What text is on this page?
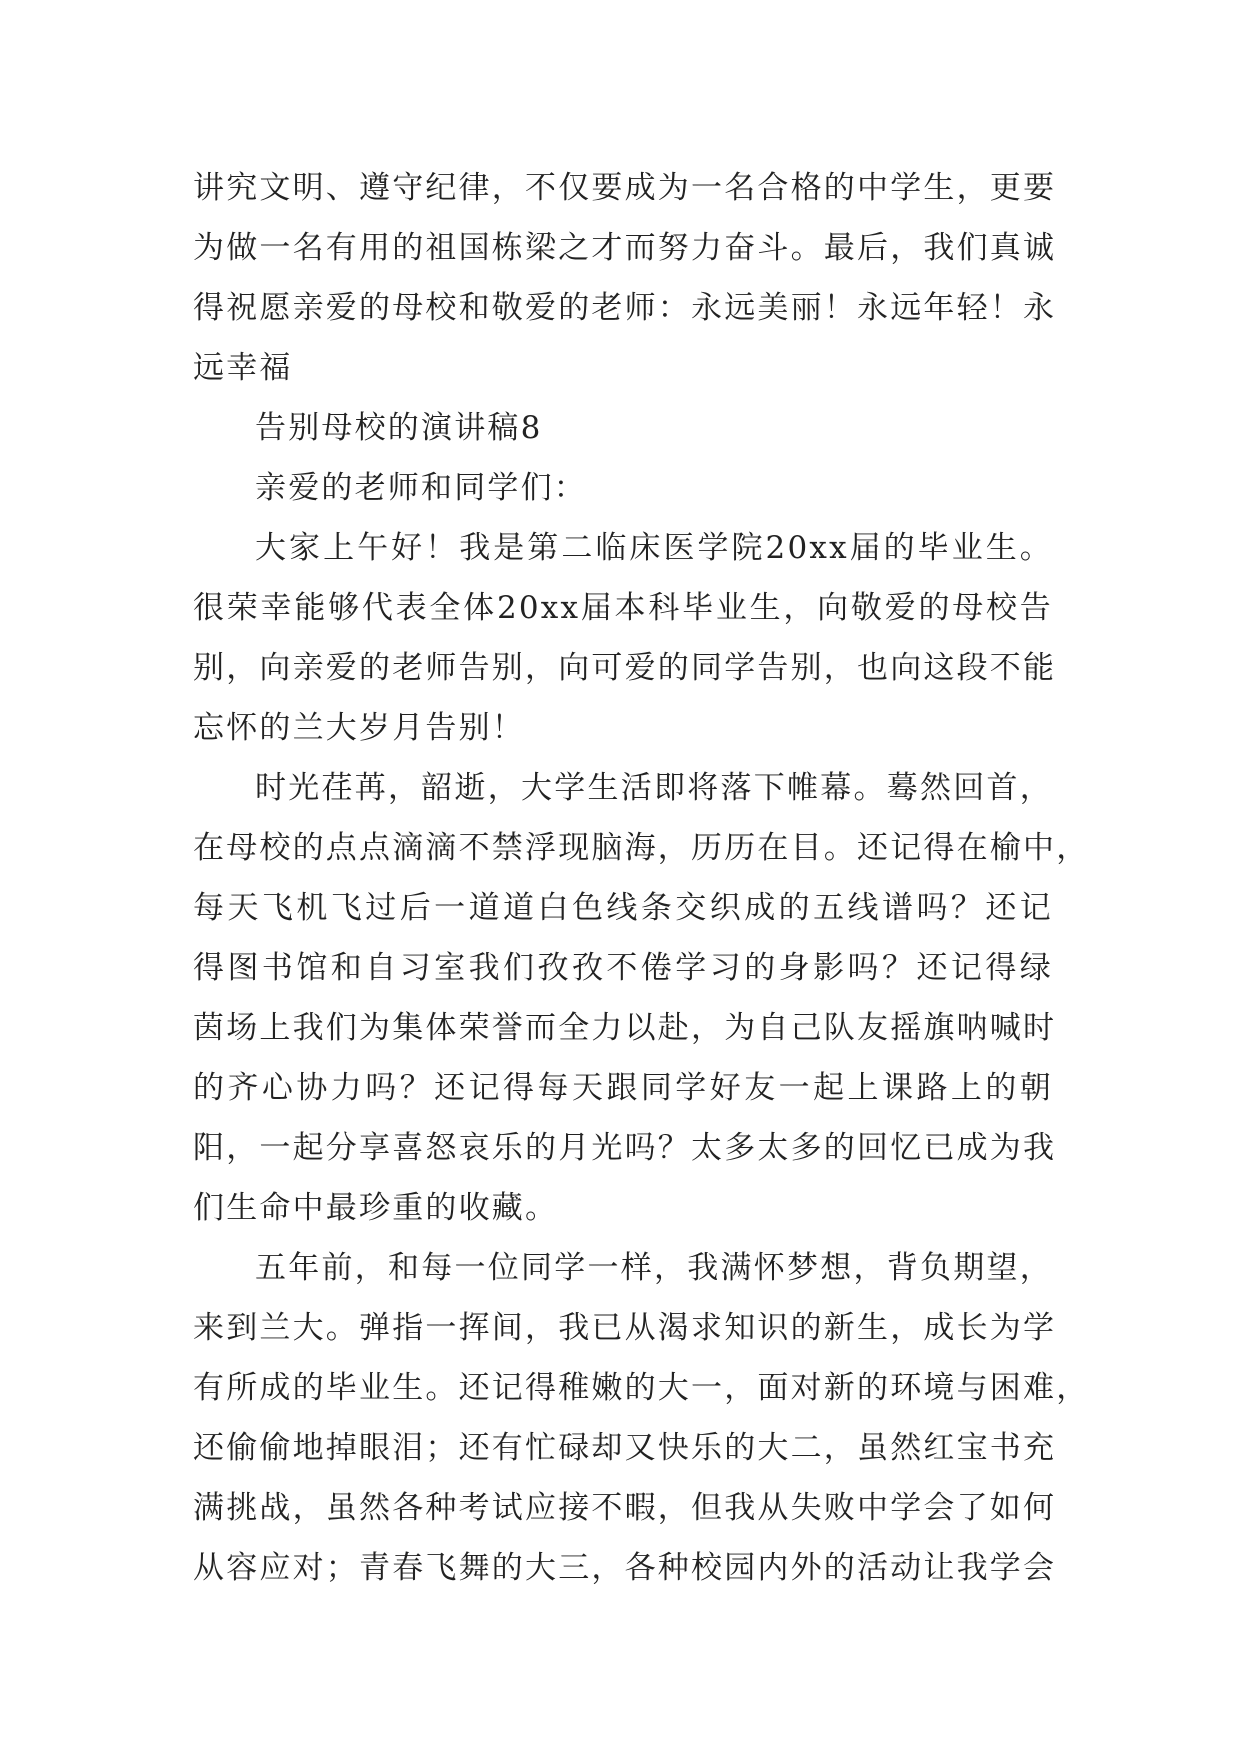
讲究文明、遵守纪律，不仅要成为一名合格的中学生，更要
为做一名有用的祖国栋梁之才而努力奋斗。最后，我们真诚
得祝愿亲爱的母校和敬爱的老师：永远美丽！永远年轻！永
远幸福
告别母校的演讲稿8
亲爱的老师和同学们：
大家上午好！我是第二临床医学院20xx届的毕业生。
很荣幸能够代表全体20xx届本科毕业生，向敬爱的母校告
别，向亲爱的老师告别，向可爱的同学告别，也向这段不能
忘怀的兰大岁月告别！
时光荏苒，韶逝，大学生活即将落下帷幕。蓦然回首，
在母校的点点滴滴不禁浮现脑海，历历在目。还记得在榆中，
每天飞机飞过后一道道白色线条交织成的五线谱吗？还记
得图书馆和自习室我们孜孜不倦学习的身影吗？还记得绿
茵场上我们为集体荣誉而全力以赴，为自己队友摇旗呐喊时
的齐心协力吗？还记得每天跟同学好友一起上课路上的朝
阳，一起分享喜怒哀乐的月光吗？太多太多的回忆已成为我
们生命中最珍重的收藏。
五年前，和每一位同学一样，我满怀梦想，背负期望，
来到兰大。弹指一挥间，我已从渴求知识的新生，成长为学
有所成的毕业生。还记得稚嫩的大一，面对新的环境与困难，
还偷偷地掉眼泪；还有忙碌却又快乐的大二，虽然红宝书充
满挑战，虽然各种考试应接不暇，但我从失败中学会了如何
从容应对；青春飞舞的大三，各种校园内外的活动让我学会
